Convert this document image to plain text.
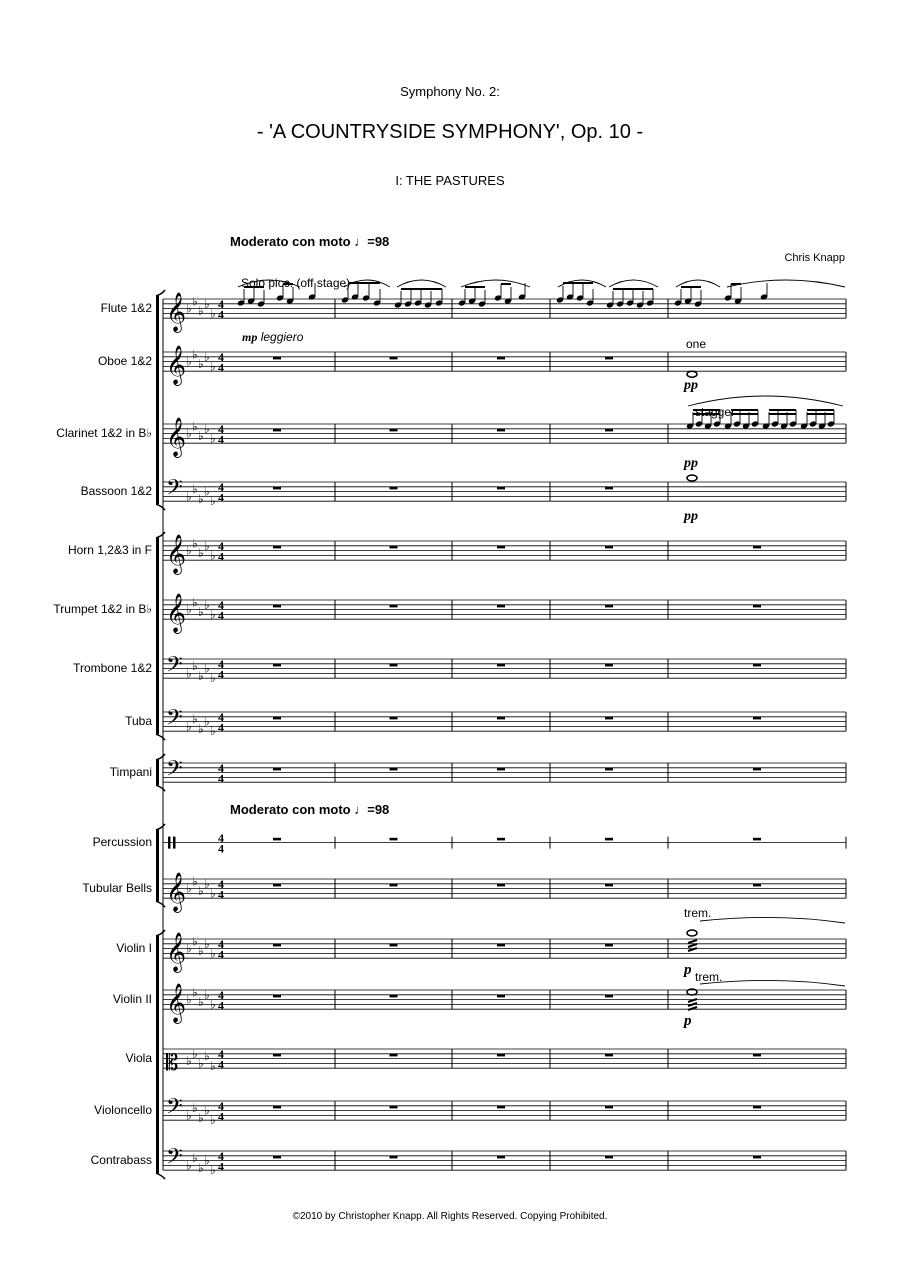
Symphony No. 2:
- 'A COUNTRYSIDE SYMPHONY', Op. 10 -
I: THE PASTURES
Chris Knapp
Moderato con moto ♩=98
Moderato con moto ♩=98
Solo picc. (off stage)
mp leggiero	one
pp
stagger
pp
pp
trem.
p trem.
p
©2010 by Christopher Knapp. All Rights Reserved. Copying Prohibited.
Flute 1&2
Oboe 1&2
Clarinet 1&2 in B♭
Bassoon 1&2
Horn 1,2&3 in F
Trumpet 1&2 in B♭
Trombone 1&2
Tuba
Timpani
Percussion
Tubular Bells
Violin I
Violin II
Viola
Violoncello
Contrabass
𝄞 ♭
♭
♭
♭
♭
4
4
𝄞 ♭
♭
♭
♭
♭
4
4
𝄞 ♭
♭
♭
♭
♭
4
4
𝄢 ♭
♭
♭
♭
♭
4
4
𝄞 ♭
♭
♭
♭
♭
4
4
𝄞 ♭
♭
♭
♭
♭
4
4
𝄢 ♭
♭
♭
♭
♭
4
4
𝄢 ♭
♭
♭
♭
♭
4
4
𝄢	4
4
4
4
𝄞 ♭
♭
♭
♭
♭
4
4
𝄞 ♭
♭
♭
♭
♭
4
4
𝄞 ♭
♭
♭
♭
♭
4
4
𝄡 ♭
♭
♭
♭
♭
4
4
𝄢 ♭
♭
♭
♭
♭
4
4
𝄢 ♭
♭
♭
♭
♭
4
4
